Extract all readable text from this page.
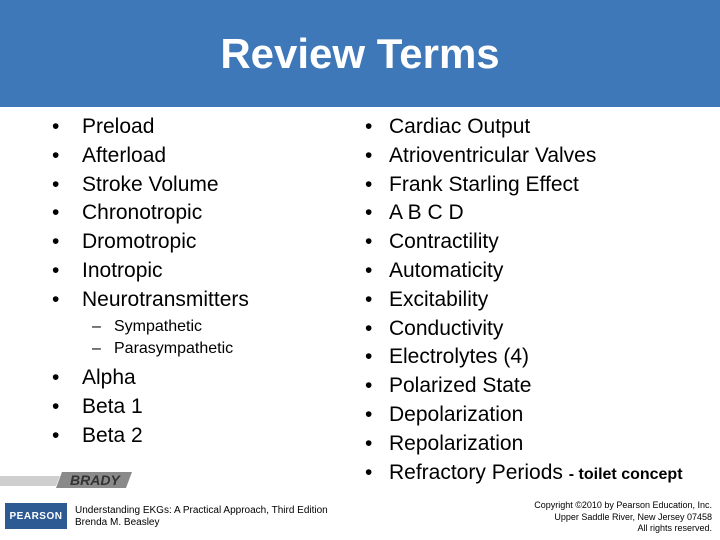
Review Terms
• Preload
• Afterload
• Stroke Volume
• Chronotropic
• Dromotropic
• Inotropic
• Neurotransmitters
– Sympathetic
– Parasympathetic
• Alpha
• Beta 1
• Beta 2
• Cardiac Output
• Atrioventricular Valves
• Frank Starling Effect
• A B C D
• Contractility
• Automaticity
• Excitability
• Conductivity
• Electrolytes (4)
• Polarized State
• Depolarization
• Repolarization
• Refractory Periods - toilet concept
BRADY
PEARSON	Understanding EKGs: A Practical Approach, Third Edition
Brenda M. Beasley
Copyright ©2010 by Pearson Education, Inc.
Upper Saddle River, New Jersey 07458
All rights reserved.
